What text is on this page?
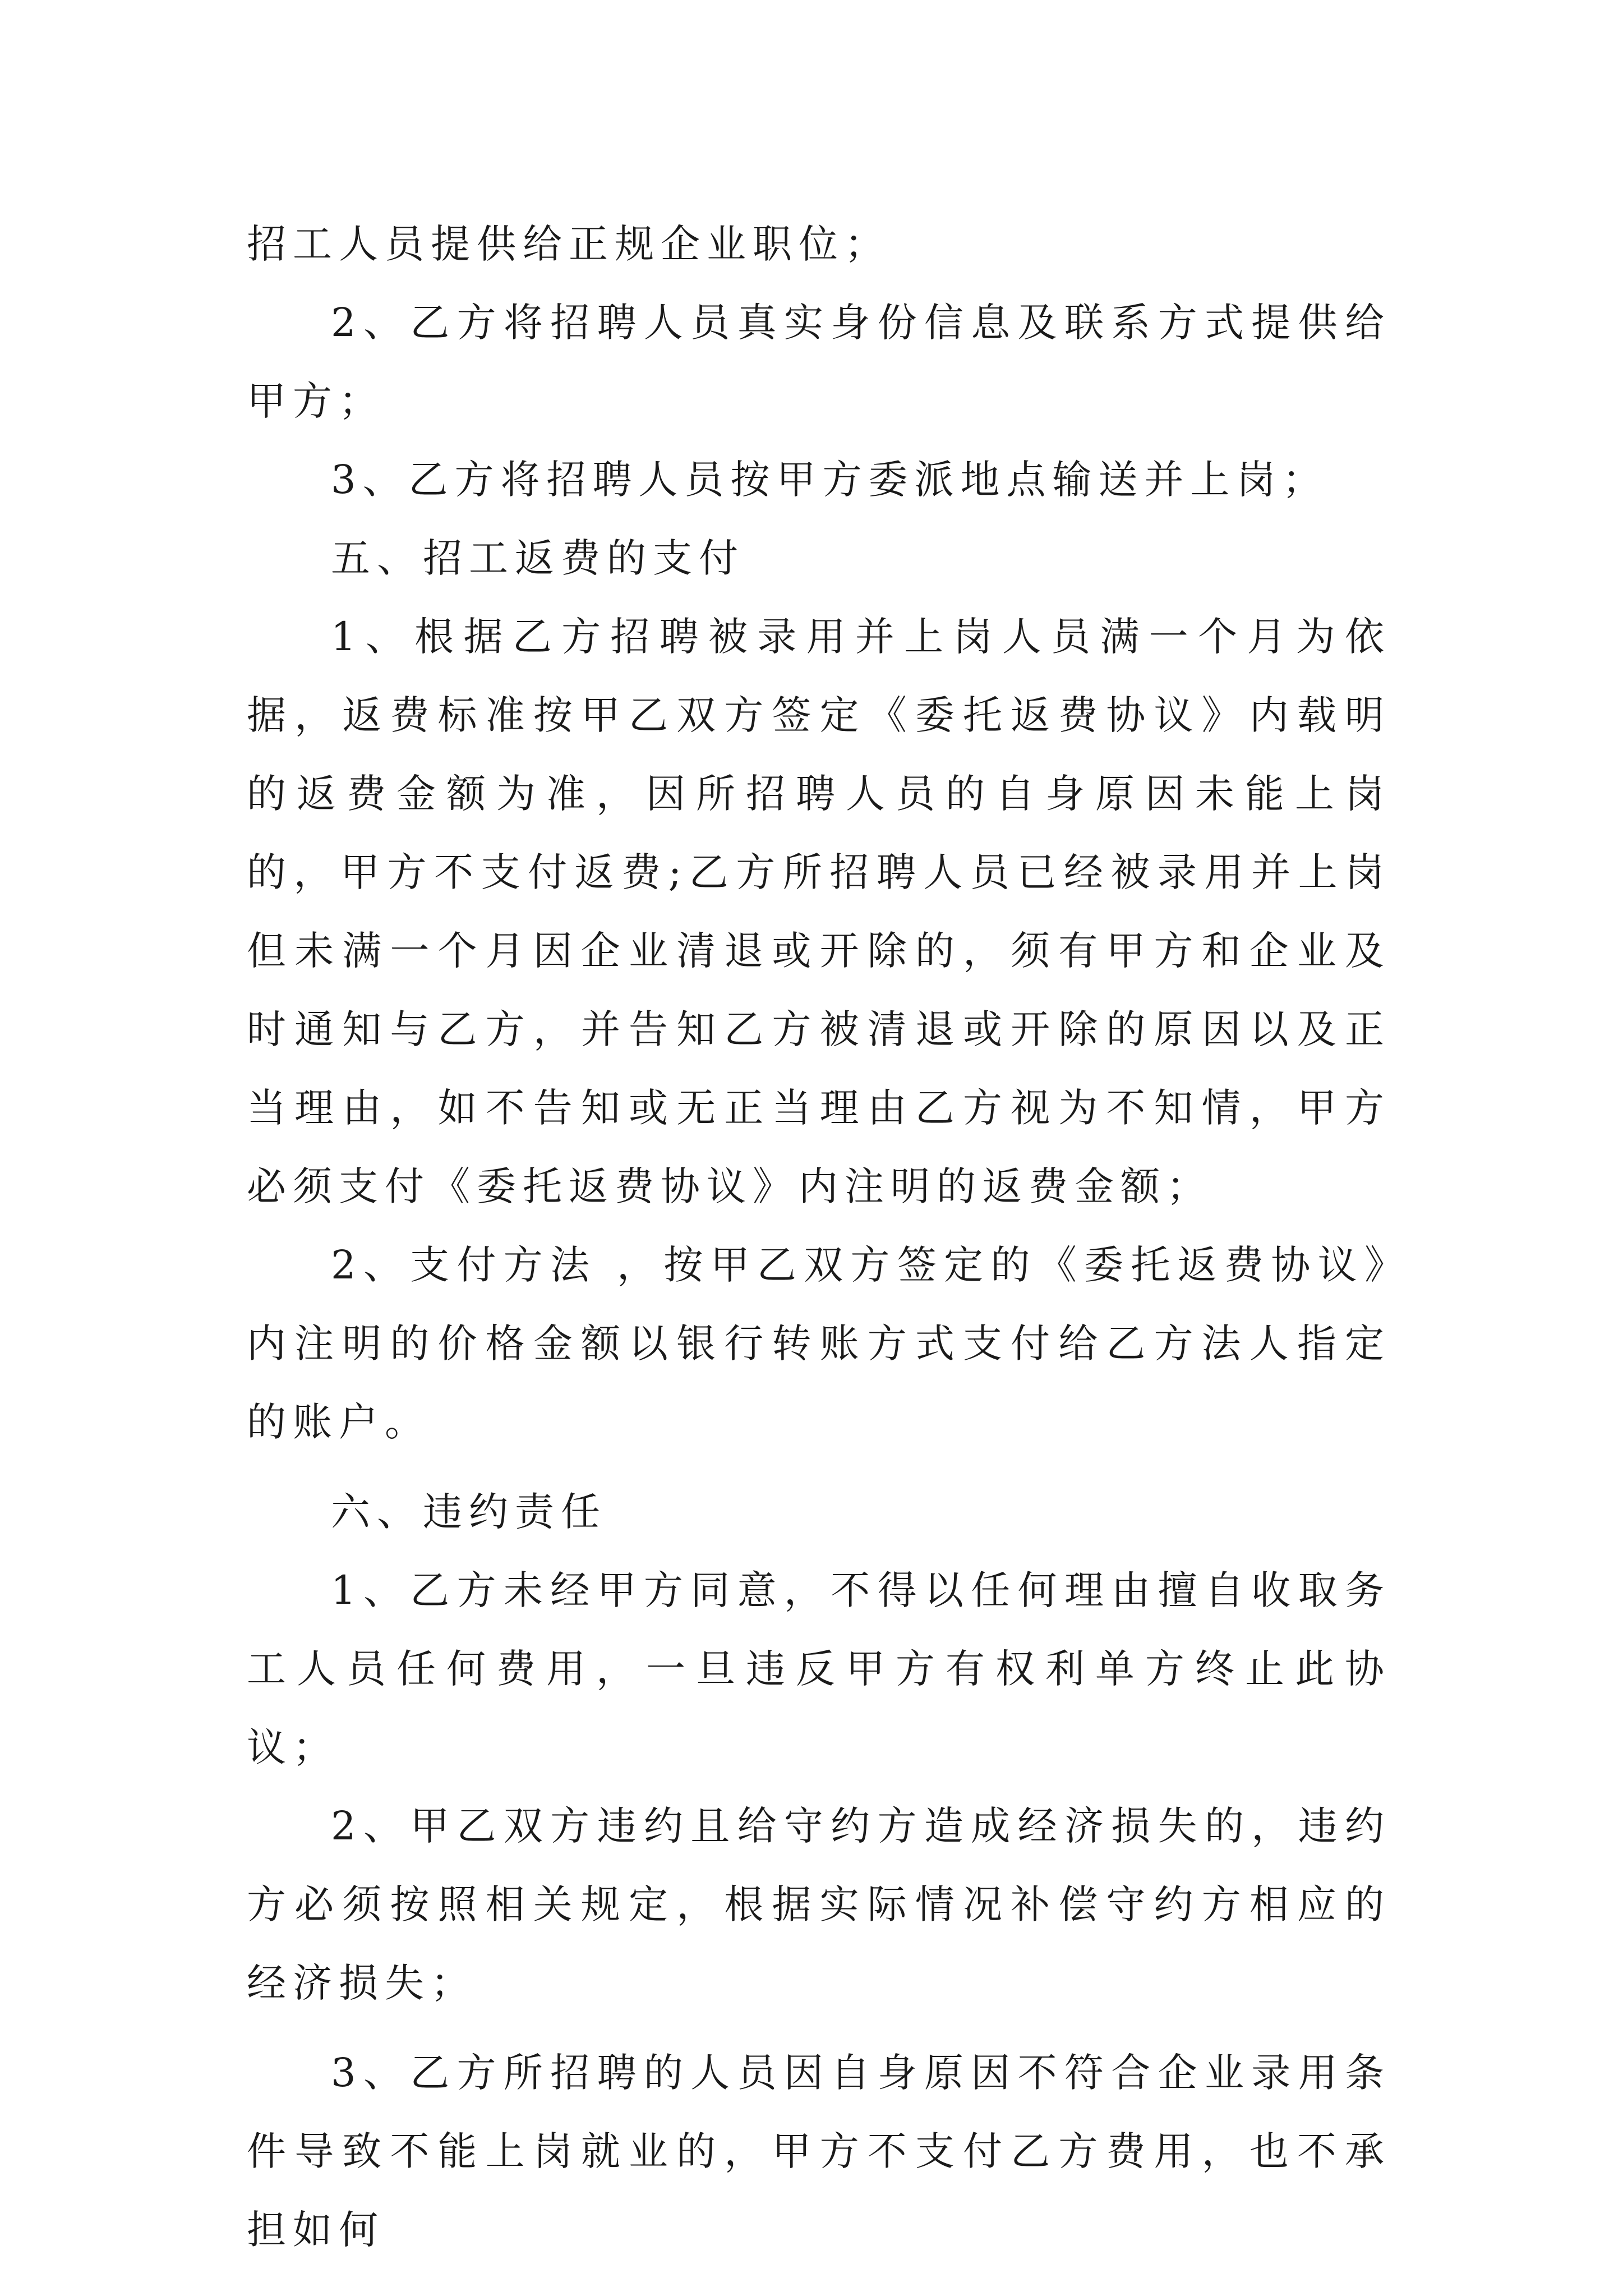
招工人员提供给正规企业职位；

2、乙方将招聘人员真实身份信息及联系方式提供给甲方；

3、乙方将招聘人员按甲方委派地点输送并上岗；

五、招工返费的支付

1、根据乙方招聘被录用并上岗人员满一个月为依据，返费标准按甲乙双方签定《委托返费协议》内载明的返费金额为准，因所招聘人员的自身原因未能上岗的，甲方不支付返费;乙方所招聘人员已经被录用并上岗但未满一个月因企业清退或开除的，须有甲方和企业及时通知与乙方，并告知乙方被清退或开除的原因以及正当理由，如不告知或无正当理由乙方视为不知情，甲方必须支付《委托返费协议》内注明的返费金额；

2、支付方法 ，按甲乙双方签定的《委托返费协议》内注明的价格金额以银行转账方式支付给乙方法人指定的账户。

六、违约责任

1、乙方未经甲方同意，不得以任何理由擅自收取务工人员任何费用，一旦违反甲方有权利单方终止此协议；

2、甲乙双方违约且给守约方造成经济损失的，违约方必须按照相关规定，根据实际情况补偿守约方相应的经济损失；

3、乙方所招聘的人员因自身原因不符合企业录用条件导致不能上岗就业的，甲方不支付乙方费用，也不承担如何
